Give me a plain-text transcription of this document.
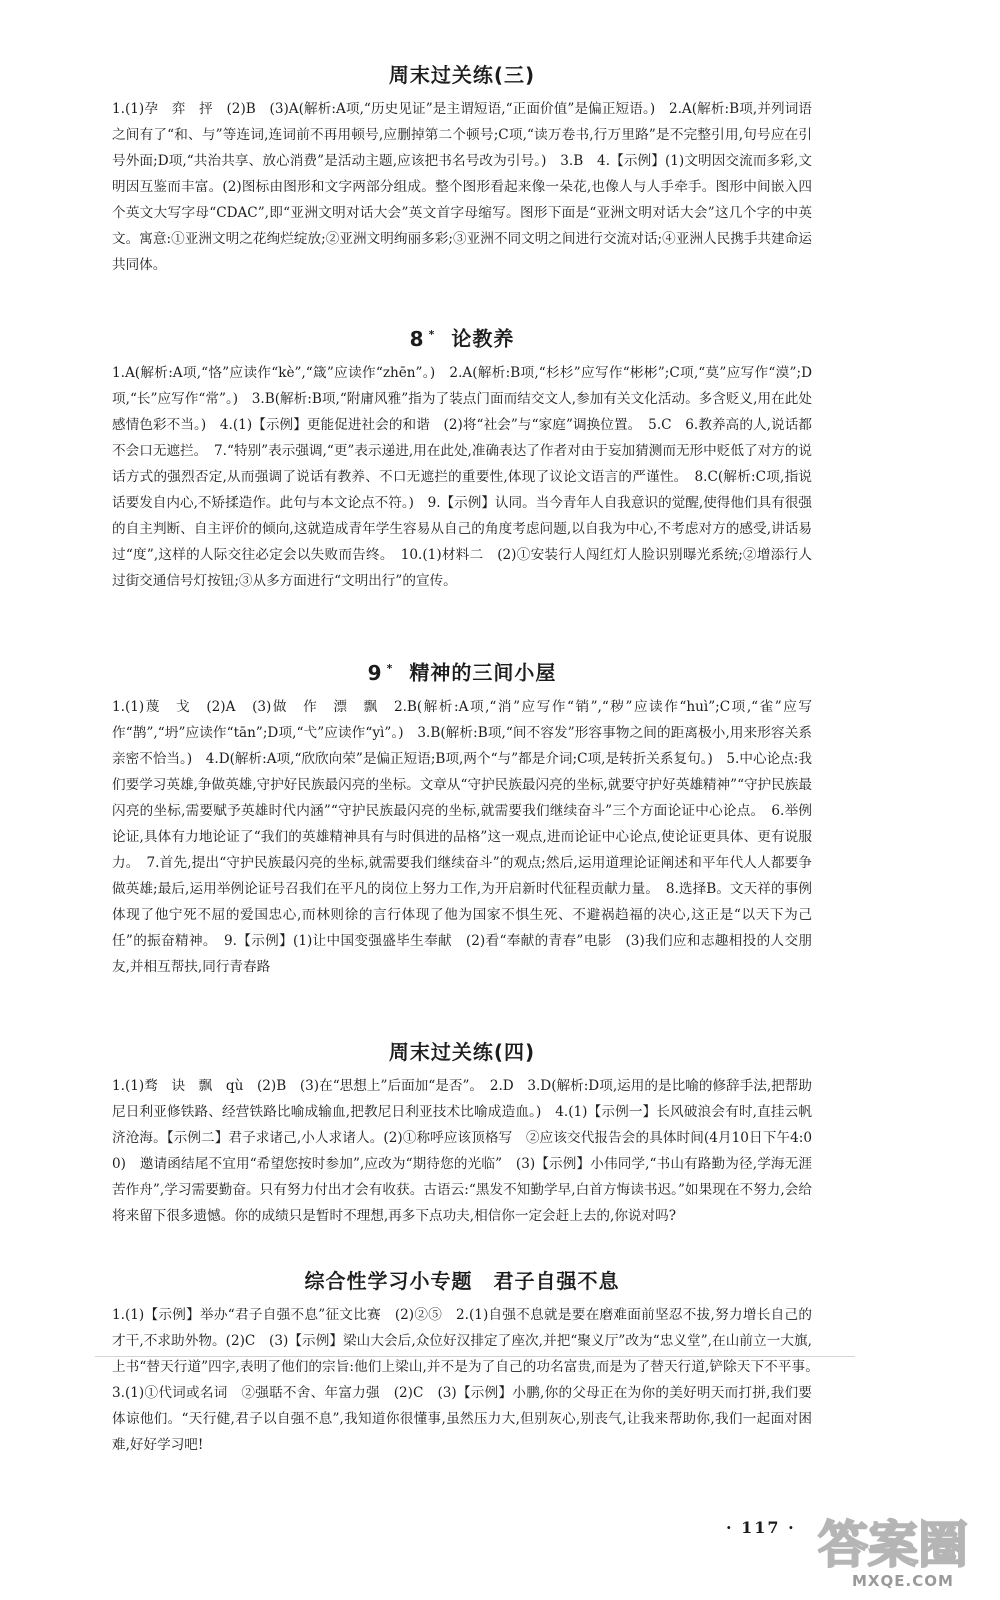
周末过关练(三)

1.(1)孕　弈　抨　(2)B　(3)A(解析:A项,“历史见证”是主谓短语,“正面价值”是偏正短语。)　2.A(解析:B项,并列词语之间有了“和、与”等连词,连词前不再用顿号,应删掉第二个顿号;C项,“读万卷书,行万里路”是不完整引用,句号应在引号外面;D项,“共治共享、放心消费”是活动主题,应该把书名号改为引号。)　3.B　4.【示例】(1)文明因交流而多彩,文明因互鉴而丰富。(2)图标由图形和文字两部分组成。整个图形看起来像一朵花,也像人与人手牵手。图形中间嵌入四个英文大写字母“CDAC”,即“亚洲文明对话大会”英文首字母缩写。图形下面是“亚洲文明对话大会”这几个字的中英文。寓意:①亚洲文明之花绚烂绽放;②亚洲文明绚丽多彩;③亚洲不同文明之间进行交流对话;④亚洲人民携手共建命运共同体。

8 * 论教养

1.A(解析:A项,“恪”应读作“kè”,“箴”应读作“zhēn”。)　2.A(解析:B项,“杉杉”应写作“彬彬”;C项,“莫”应写作“漠”;D项,“长”应写作“常”。)　3.B(解析:B项,“附庸风雅”指为了装点门面而结交文人,参加有关文化活动。多含贬义,用在此处感情色彩不当。)　4.(1)【示例】更能促进社会的和谐　(2)将“社会”与“家庭”调换位置。　5.C　6.教养高的人,说话都不会口无遮拦。　7.“特别”表示强调,“更”表示递进,用在此处,准确表达了作者对由于妄加猜测而无形中贬低了对方的说话方式的强烈否定,从而强调了说话有教养、不口无遮拦的重要性,体现了议论文语言的严谨性。　8.C(解析:C项,指说话要发自内心,不矫揉造作。此句与本文论点不符。)　9.【示例】认同。当今青年人自我意识的觉醒,使得他们具有很强的自主判断、自主评价的倾向,这就造成青年学生容易从自己的角度考虑问题,以自我为中心,不考虑对方的感受,讲话易过“度”,这样的人际交往必定会以失败而告终。　10.(1)材料二　(2)①安装行人闯红灯人脸识别曝光系统;②增添行人过街交通信号灯按钮;③从多方面进行“文明出行”的宣传。

9 * 精神的三间小屋

1.(1)蔑　戈　(2)A　(3)做　作　漂　飘　2.B(解析:A项,“消”应写作“销”,“秽”应读作“huì”;C项,“雀”应写作“鹊”,“坍”应读作“tān”;D项,“弋”应读作“yì”。)　3.B(解析:B项,“间不容发”形容事物之间的距离极小,用来形容关系亲密不恰当。)　4.D(解析:A项,“欣欣向荣”是偏正短语;B项,两个“与”都是介词;C项,是转折关系复句。)　5.中心论点:我们要学习英雄,争做英雄,守护好民族最闪亮的坐标。文章从“守护民族最闪亮的坐标,就要守护好英雄精神”“守护民族最闪亮的坐标,需要赋予英雄时代内涵”“守护民族最闪亮的坐标,就需要我们继续奋斗”三个方面论证中心论点。　6.举例论证,具体有力地论证了“我们的英雄精神具有与时俱进的品格”这一观点,进而论证中心论点,使论证更具体、更有说服力。　7.首先,提出“守护民族最闪亮的坐标,就需要我们继续奋斗”的观点;然后,运用道理论证阐述和平年代人人都要争做英雄;最后,运用举例论证号召我们在平凡的岗位上努力工作,为开启新时代征程贡献力量。　8.选择B。文天祥的事例体现了他宁死不屈的爱国忠心,而林则徐的言行体现了他为国家不惧生死、不避祸趋福的决心,这正是“以天下为己任”的振奋精神。　9.【示例】(1)让中国变强盛毕生奉献　(2)看“奉献的青春”电影　(3)我们应和志趣相投的人交朋友,并相互帮扶,同行青春路

周末过关练(四)

1.(1)骛　诀　飘　qù　(2)B　(3)在“思想上”后面加“是否”。　2.D　3.D(解析:D项,运用的是比喻的修辞手法,把帮助尼日利亚修铁路、经营铁路比喻成输血,把教尼日利亚技术比喻成造血。)　4.(1)【示例一】长风破浪会有时,直挂云帆济沧海。【示例二】君子求诸己,小人求诸人。(2)①称呼应该顶格写　②应该交代报告会的具体时间(4月10日下午4:00)　邀请函结尾不宜用“希望您按时参加”,应改为“期待您的光临”　(3)【示例】小伟同学,“书山有路勤为径,学海无涯苦作舟”,学习需要勤奋。只有努力付出才会有收获。古语云:“黑发不知勤学早,白首方悔读书迟。”如果现在不努力,会给将来留下很多遗憾。你的成绩只是暂时不理想,再多下点功夫,相信你一定会赶上去的,你说对吗?

综合性学习小专题　君子自强不息

1.(1)【示例】举办“君子自强不息”征文比赛　(2)②⑤　2.(1)自强不息就是要在磨难面前坚忍不拔,努力增长自己的才干,不求助外物。(2)C　(3)【示例】梁山大会后,众位好汉排定了座次,并把“聚义厅”改为“忠义堂”,在山前立一大旗,上书“替天行道”四字,表明了他们的宗旨:他们上梁山,并不是为了自己的功名富贵,而是为了替天行道,铲除天下不平事。　3.(1)①代词或名词　②强聒不舍、年富力强　(2)C　(3)【示例】小鹏,你的父母正在为你的美好明天而打拼,我们要体谅他们。“天行健,君子以自强不息”,我知道你很懂事,虽然压力大,但别灰心,别丧气,让我来帮助你,我们一起面对困难,好好学习吧!

· 117 · 答案圈
MXQE.COM
